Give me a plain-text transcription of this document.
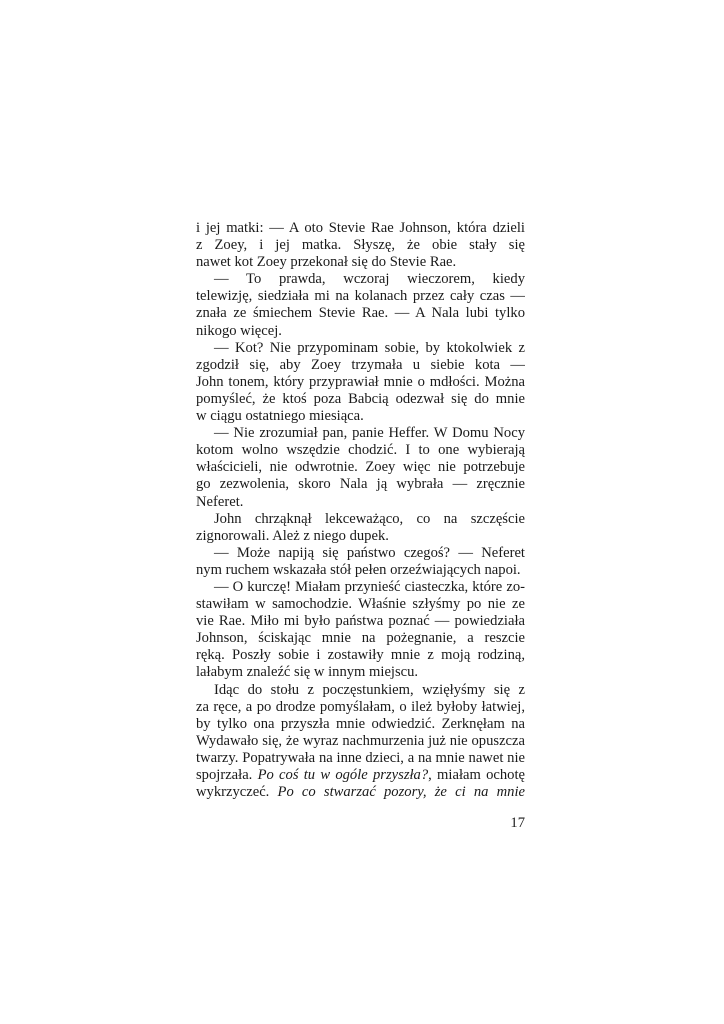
i jej matki: — A oto Stevie Rae Johnson, która dzieli
z Zoey, i jej matka. Słyszę, że obie stały się
nawet kot Zoey przekonał się do Stevie Rae.
— To prawda, wczoraj wieczorem, kiedy
telewizję, siedziała mi na kolanach przez cały czas —
znała ze śmiechem Stevie Rae. — A Nala lubi tylko
nikogo więcej.
— Kot? Nie przypominam sobie, by ktokolwiek z
zgodził się, aby Zoey trzymała u siebie kota —
John tonem, który przyprawiał mnie o mdłości. Można
pomyśleć, że ktoś poza Babcią odezwał się do mnie
w ciągu ostatniego miesiąca.
— Nie zrozumiał pan, panie Heffer. W Domu Nocy
kotom wolno wszędzie chodzić. I to one wybierają
właścicieli, nie odwrotnie. Zoey więc nie potrzebuje
go zezwolenia, skoro Nala ją wybrała — zręcznie
Neferet.
John chrząknął lekceważąco, co na szczęście
zignorowali. Ależ z niego dupek.
— Może napiją się państwo czegoś? — Neferet
nym ruchem wskazała stół pełen orzeźwiających napoi.
— O kurczę! Miałam przynieść ciasteczka, które zo-
stawiłam w samochodzie. Właśnie szłyśmy po nie ze
vie Rae. Miło mi było państwa poznać — powiedziała
Johnson, ściskając mnie na pożegnanie, a reszcie
ręką. Poszły sobie i zostawiły mnie z moją rodziną,
lałabym znaleźć się w innym miejscu.
Idąc do stołu z poczęstunkiem, wzięłyśmy się z
za ręce, a po drodze pomyślałam, o ileż byłoby łatwiej,
by tylko ona przyszła mnie odwiedzić. Zerknęłam na
Wydawało się, że wyraz nachmurzenia już nie opuszcza
twarzy. Popatrywała na inne dzieci, a na mnie nawet nie
spojrzała. Po coś tu w ogóle przyszła?, miałam ochotę
wykrzyczeć. Po co stwarzać pozory, że ci na mnie
17
